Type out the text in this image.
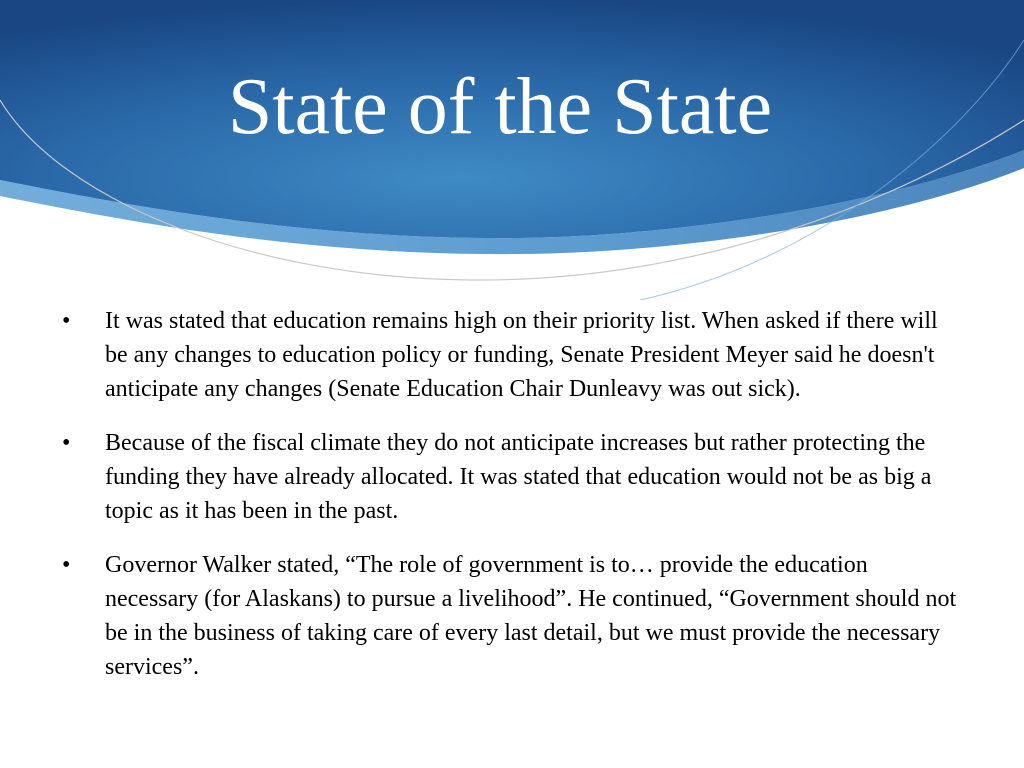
State of the State
•	It was stated that education remains high on their priority list. When asked if there will be any changes to education policy or funding, Senate President Meyer said he doesn't anticipate any changes (Senate Education Chair Dunleavy was out sick).
•	Because of the fiscal climate they do not anticipate increases but rather protecting the funding they have already allocated. It was stated that education would not be as big a topic as it has been in the past.
•	Governor Walker stated, “The role of government is to… provide the education necessary (for Alaskans) to pursue a livelihood”. He continued, “Government should not be in the business of taking care of every last detail, but we must provide the necessary services”.
